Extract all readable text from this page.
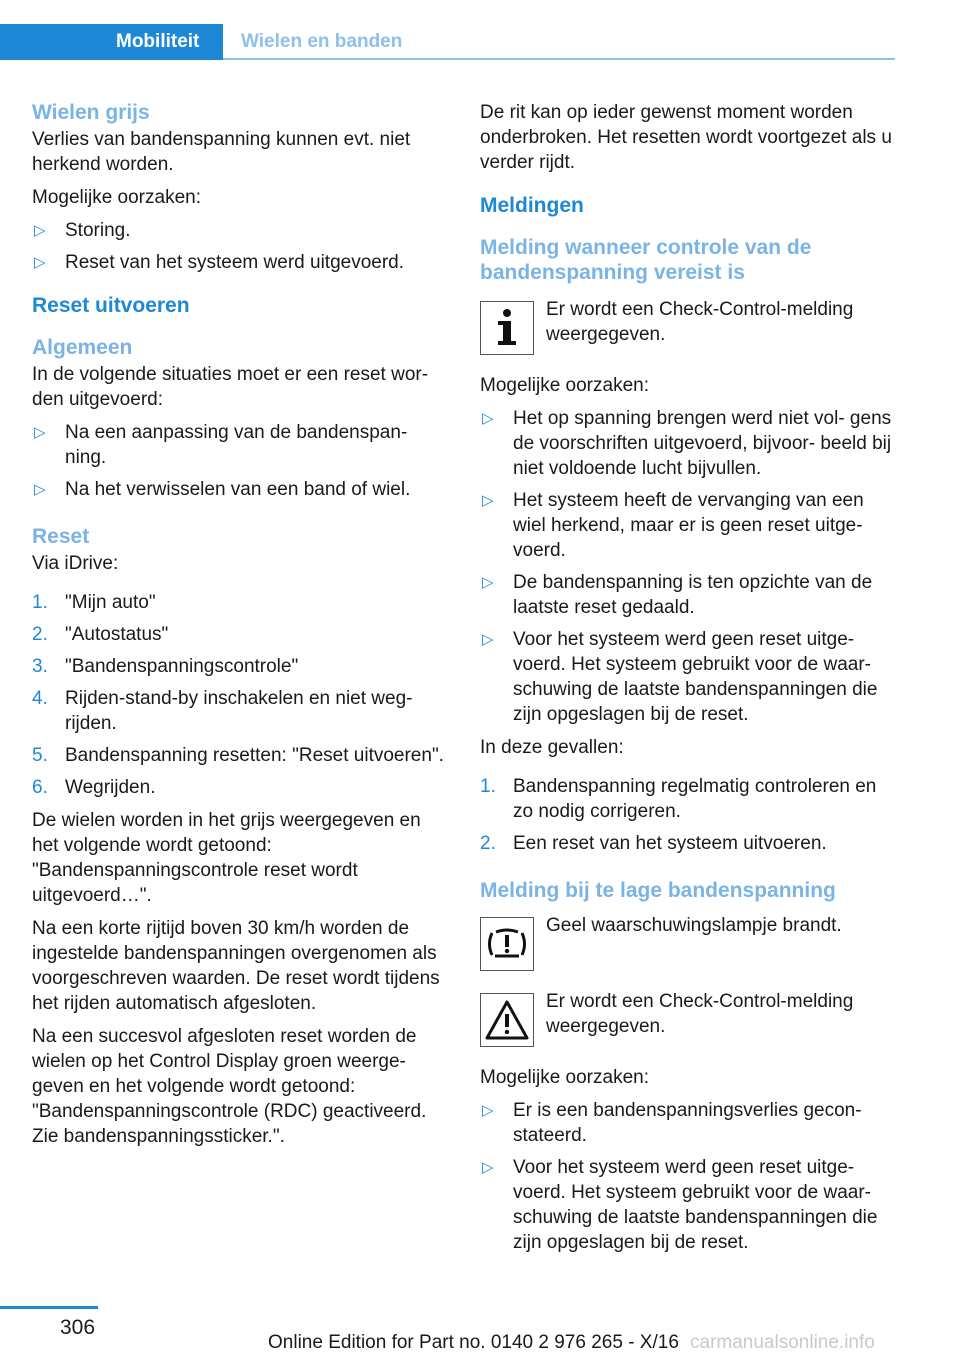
Mobiliteit	Wielen en banden
Wielen grijs

Verlies van bandenspanning kunnen evt. niet herkend worden.

Mogelijke oorzaken:

▷ Storing.
▷ Reset van het systeem werd uitgevoerd.
Reset uitvoeren
Algemeen

In de volgende situaties moet er een reset wor‐ den uitgevoerd:

▷ Na een aanpassing van de bandenspan‐ ning.
▷ Na het verwisselen van een band of wiel.
Reset

Via iDrive:

1. "Mijn auto"
2. "Autostatus"
3. "Bandenspanningscontrole"
4. Rijden-stand-by inschakelen en niet weg‐ rijden.
5. Bandenspanning resetten: "Reset uitvoeren".
6. Wegrijden.

De wielen worden in het grijs weergegeven en het volgende wordt getoond: "Bandenspanningscontrole reset wordt uitgevoerd…".

Na een korte rijtijd boven 30 km/h worden de ingestelde bandenspanningen overgenomen als voorgeschreven waarden. De reset wordt tijdens het rijden automatisch afgesloten.

Na een succesvol afgesloten reset worden de wielen op het Control Display groen weerge‐ geven en het volgende wordt getoond: "Bandenspanningscontrole (RDC) geactiveerd. Zie bandenspanningssticker.".

De rit kan op ieder gewenst moment worden onderbroken. Het resetten wordt voortgezet als u verder rijdt.

Meldingen
Melding wanneer controle van de bandenspanning vereist is

Er wordt een Check-Control-melding weergegeven.

Mogelijke oorzaken:

▷ Het op spanning brengen werd niet vol‐ gens de voorschriften uitgevoerd, bijvoor‐ beeld bij niet voldoende lucht bijvullen.
▷ Het systeem heeft de vervanging van een wiel herkend, maar er is geen reset uitge‐ voerd.
▷ De bandenspanning is ten opzichte van de laatste reset gedaald.
▷ Voor het systeem werd geen reset uitge‐ voerd. Het systeem gebruikt voor de waar‐ schuwing de laatste bandenspanningen die zijn opgeslagen bij de reset.

In deze gevallen:

1. Bandenspanning regelmatig controleren en zo nodig corrigeren.
2. Een reset van het systeem uitvoeren.
Melding bij te lage bandenspanning

Geel waarschuwingslampje brandt.

Er wordt een Check-Control-melding weergegeven.

Mogelijke oorzaken:

▷ Er is een bandenspanningsverlies gecon‐ stateerd.
▷ Voor het systeem werd geen reset uitge‐ voerd. Het systeem gebruikt voor de waar‐ schuwing de laatste bandenspanningen die zijn opgeslagen bij de reset.
306
Online Edition for Part no. 0140 2 976 265 - X/16 carmanualsonline.info
